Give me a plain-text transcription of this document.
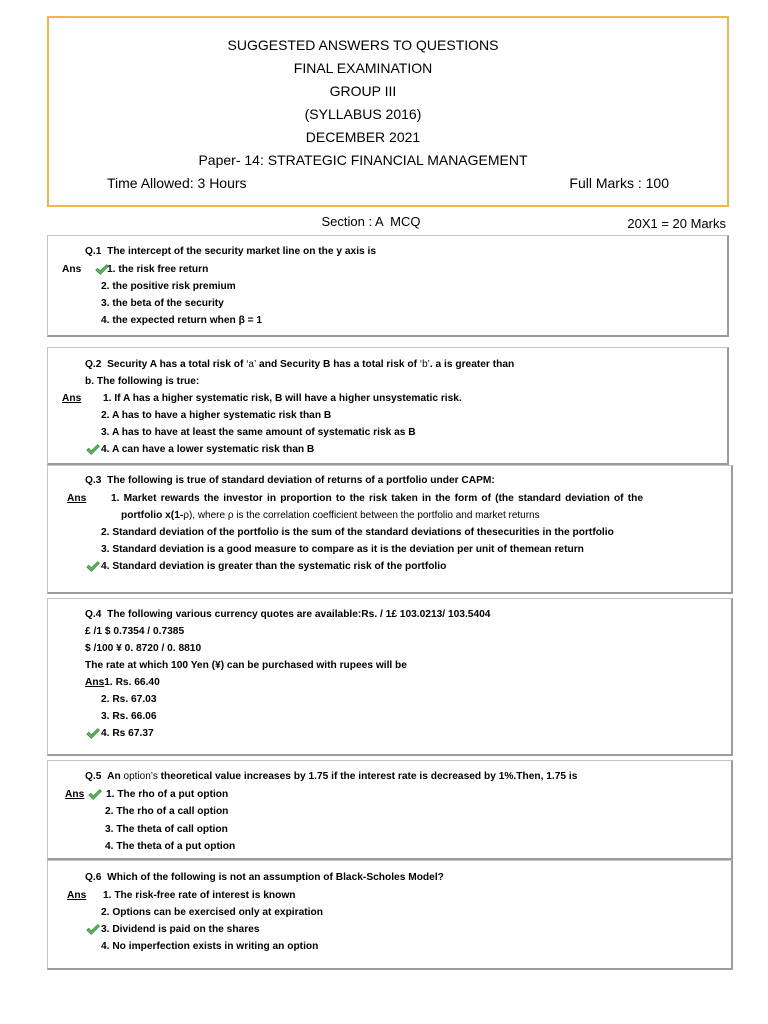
SUGGESTED ANSWERS TO QUESTIONS
FINAL EXAMINATION
GROUP III
(SYLLABUS 2016)
DECEMBER 2021
Paper- 14: STRATEGIC FINANCIAL MANAGEMENT
Time Allowed: 3 Hours	Full Marks : 100
Section : A  MCQ	20X1 = 20 Marks
Q.1 The intercept of the security market line on the y axis is
Ans	1. the risk free return
2. the positive risk premium
3. the beta of the security
4. the expected return when β = 1
Q.2 Security A has a total risk of ‘a’ and Security B has a total risk of ‘b’. a is greater than
b. The following is true:
Ans 1. If A has a higher systematic risk, B will have a higher unsystematic risk.
2. A has to have a higher systematic risk than B
3. A has to have at least the same amount of systematic risk as B
4. A can have a lower systematic risk than B
Q.3 The following is true of standard deviation of returns of a portfolio under CAPM:
Ans 1. Market rewards the investor in proportion to the risk taken in the form of (the standard deviation of the
portfolio x(1-ρ), where ρ is the correlation coefficient between the portfolio and market returns
2. Standard deviation of the portfolio is the sum of the standard deviations of thesecurities in the portfolio
3. Standard deviation is a good measure to compare as it is the deviation per unit of themean return
4. Standard deviation is greater than the systematic risk of the portfolio
Q.4 The following various currency quotes are available:Rs. / 1£ 103.0213/ 103.5404
£ /1 $ 0.7354 / 0.7385
$ /100 ¥ 0. 8720 / 0. 8810
The rate at which 100 Yen (¥) can be purchased with rupees will be
Ans1. Rs. 66.40
2. Rs. 67.03
3. Rs. 66.06
4. Rs 67.37
Q.5 An option’s theoretical value increases by 1.75 if the interest rate is decreased by 1%.Then, 1.75 is
Ans 1. The rho of a put option
2. The rho of a call option
3. The theta of call option
4. The theta of a put option
Q.6 Which of the following is not an assumption of Black-Scholes Model?
Ans 1. The risk-free rate of interest is known
2. Options can be exercised only at expiration
3. Dividend is paid on the shares
4. No imperfection exists in writing an option
